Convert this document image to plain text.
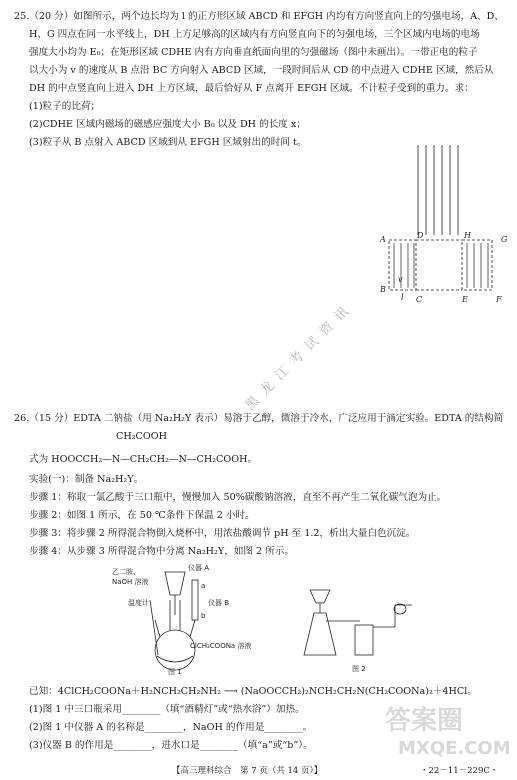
25.（20 分）如图所示，两个边长均为 l 的正方形区域 ABCD 和 EFGH 内均有方向竖直向上的匀强电场，A、D、
H、G 四点在同一水平线上，DH 上方足够高的区域内有方向竖直向下的匀强电场，三个区域内电场的电场
强度大小均为 E₀；在矩形区域 CDHE 内有方向垂直纸面向里的匀强磁场（图中未画出）。一带正电的粒子
以大小为 v 的速度从 B 点沿 BC 方向射入 ABCD 区域，一段时间后从 CD 的中点进入 CDHE 区域，然后从
DH 的中点竖直向上进入 DH 上方区域，最后恰好从 F 点离开 EFGH 区域。不计粒子受到的重力。求：
(1)粒子的比荷；
(2)CDHE 区域内磁场的磁感应强度大小 B₀ 以及 DH 的长度 x；
(3)粒子从 B 点射入 ABCD 区域到从 EFGH 区域射出的时间 t。
A	D	H	G
B
C	E	F
v
l
黑龙江考试资讯
26.（15 分）EDTA 二钠盐（用 Na₂H₂Y 表示）易溶于乙醇，微溶于冷水，广泛应用于滴定实验。EDTA 的结构简
CH₂COOH
式为 HOOCCH₂—N—CH₂CH₂—N—CH₂COOH。
实验(一)：制备 Na₂H₂Y。
步骤 1：称取一氯乙酸于三口瓶中，慢慢加入 50%碳酸钠溶液，直至不再产生二氧化碳气泡为止。
步骤 2：如图 1 所示，在 50 ℃条件下保温 2 小时。
步骤 3：将步骤 2 所得混合物倒入烧杯中，用浓盐酸调节 pH 至 1.2，析出大量白色沉淀。
步骤 4：从步骤 3 所得混合物中分离 Na₂H₂Y，如图 2 所示。
乙二胺、
NaOH 溶液
仪器 A
仪器 B
温度计
a
b
ClCH₂COONa 溶液
图 1	图 2
已知：4ClCH₂COONa＋H₂NCH₂CH₂NH₂ ⟶ (NaOOCCH₂)₂NCH₂CH₂N(CH₂COONa)₂＋4HCl。
(1)图 1 中三口瓶采用________（填“酒精灯”或“热水浴”）加热。
(2)图 1 中仪器 A 的名称是________，NaOH 的作用是________。
(3)仪器 B 的作用是________，进水口是________（填“a”或“b”）。
答案圈
MXQE.COM
【高三理科综合　第 7 页（共 14 页）】	・22－11－229C・
